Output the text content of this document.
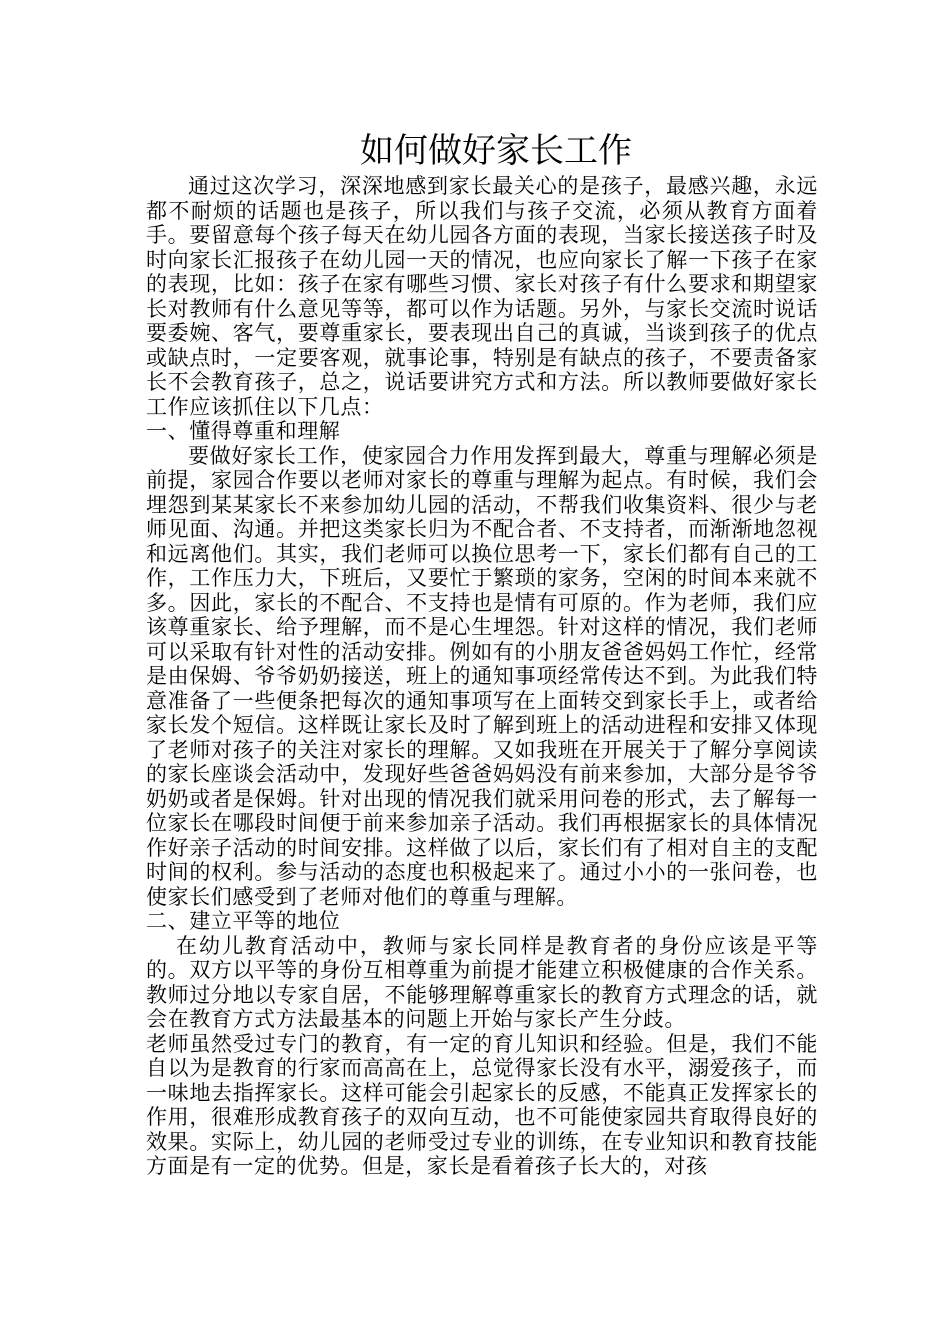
如何做好家长工作

通过这次学习，深深地感到家长最关心的是孩子，最感兴趣，永远都不耐烦的话题也是孩子，所以我们与孩子交流，必须从教育方面着手。要留意每个孩子每天在幼儿园各方面的表现，当家长接送孩子时及时向家长汇报孩子在幼儿园一天的情况，也应向家长了解一下孩子在家的表现，比如：孩子在家有哪些习惯、家长对孩子有什么要求和期望家长对教师有什么意见等等，都可以作为话题。另外，与家长交流时说话要委婉、客气，要尊重家长，要表现出自己的真诚，当谈到孩子的优点或缺点时，一定要客观，就事论事，特别是有缺点的孩子，不要责备家长不会教育孩子，总之，说话要讲究方式和方法。所以教师要做好家长工作应该抓住以下几点：

一、懂得尊重和理解

要做好家长工作，使家园合力作用发挥到最大，尊重与理解必须是前提，家园合作要以老师对家长的尊重与理解为起点。有时候，我们会埋怨到某某家长不来参加幼儿园的活动，不帮我们收集资料、很少与老师见面、沟通。并把这类家长归为不配合者、不支持者，而渐渐地忽视和远离他们。其实，我们老师可以换位思考一下，家长们都有自己的工作，工作压力大，下班后，又要忙于繁琐的家务，空闲的时间本来就不多。因此，家长的不配合、不支持也是情有可原的。作为老师，我们应该尊重家长、给予理解，而不是心生埋怨。针对这样的情况，我们老师可以采取有针对性的活动安排。例如有的小朋友爸爸妈妈工作忙，经常是由保姆、爷爷奶奶接送，班上的通知事项经常传达不到。为此我们特意准备了一些便条把每次的通知事项写在上面转交到家长手上，或者给家长发个短信。这样既让家长及时了解到班上的活动进程和安排又体现了老师对孩子的关注对家长的理解。又如我班在开展关于了解分享阅读的家长座谈会活动中，发现好些爸爸妈妈没有前来参加，大部分是爷爷奶奶或者是保姆。针对出现的情况我们就采用问卷的形式，去了解每一位家长在哪段时间便于前来参加亲子活动。我们再根据家长的具体情况作好亲子活动的时间安排。这样做了以后，家长们有了相对自主的支配时间的权利。参与活动的态度也积极起来了。通过小小的一张问卷，也使家长们感受到了老师对他们的尊重与理解。

二、建立平等的地位

在幼儿教育活动中，教师与家长同样是教育者的身份应该是平等的。双方以平等的身份互相尊重为前提才能建立积极健康的合作关系。教师过分地以专家自居，不能够理解尊重家长的教育方式理念的话，就会在教育方式方法最基本的问题上开始与家长产生分歧。

老师虽然受过专门的教育，有一定的育儿知识和经验。但是，我们不能自以为是教育的行家而高高在上，总觉得家长没有水平，溺爱孩子，而一味地去指挥家长。这样可能会引起家长的反感，不能真正发挥家长的作用，很难形成教育孩子的双向互动，也不可能使家园共育取得良好的效果。实际上，幼儿园的老师受过专业的训练，在专业知识和教育技能方面是有一定的优势。但是，家长是看着孩子长大的，对孩
